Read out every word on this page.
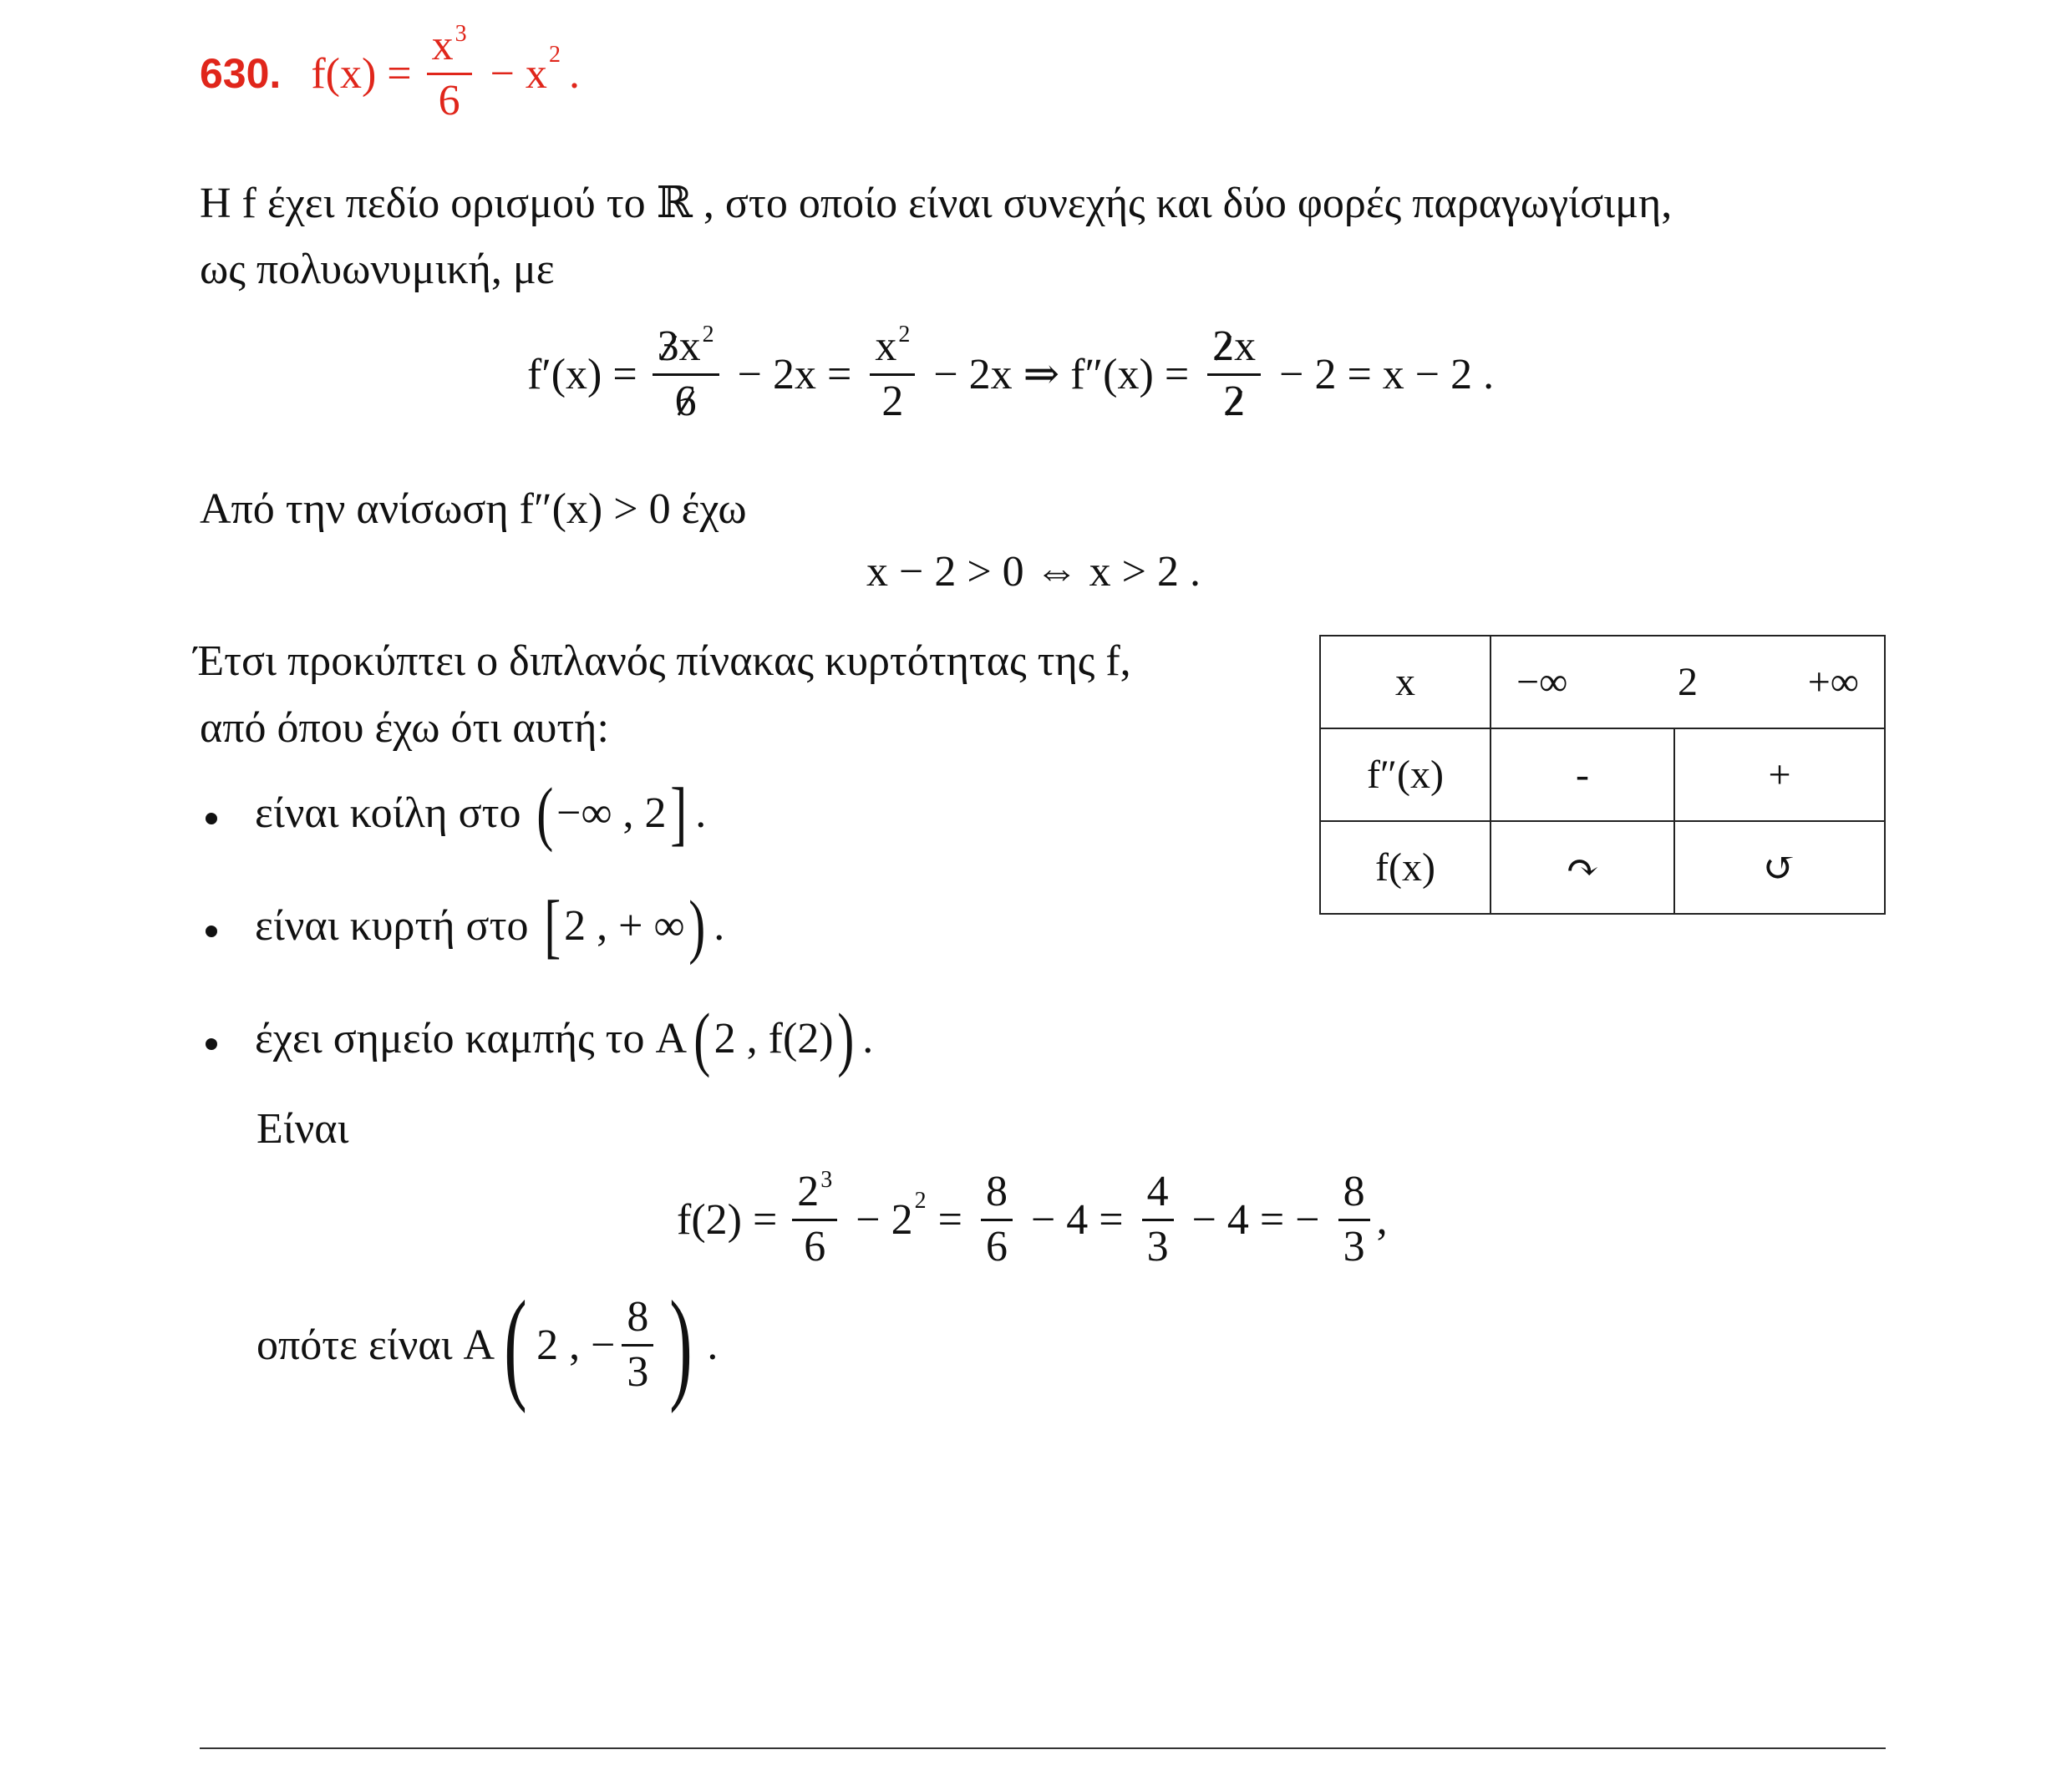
630. $f(x) = \frac{x^3}{6} - x$ 2 .
Η f έχει πεδίο ορισμού το ℝ , στο οποίο είναι συνεχής και δύο φορές παραγωγίσιμη,
ως πολυωνυμική, με
$f'(x) = \frac{3x^2}{6} - 2x = \frac{x^2}{2} - 2x$ ⇒ $f''(x) = \frac{2x}{2} - 2 = x - 2$ .
Από την ανίσωση f″(x) > 0 έχω
x − 2 > 0 ⇔ x > 2 .
Έτσι προκύπτει ο διπλανός πίνακας κυρτότητας της f,
από όπου έχω ότι αυτή:
είναι κοίλη στο ( −∞ , 2 ] .
είναι κυρτή στο [ 2 , + ∞ ) .
έχει σημείο καμπής το A ( 2 , f(2) ) .
Είναι
$f(2) = \frac{2^3}{6} - 2$ $2 = \frac{8}{6} - 4 = \frac{4}{3} - 4$ = − $\frac{8}{3}$ ,
οπότε είναι A ( 2 , − $\frac{8}{3}$ ) .
x	−∞ 2 +∞	

f″(x)	-	+
f(x)	↷	↺
